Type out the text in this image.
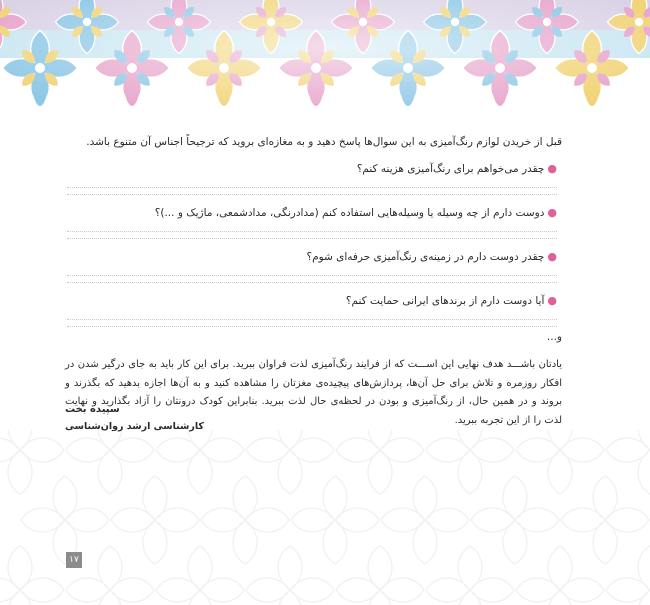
قبل از خریدن لوازم رنگ‌آمیزی به این سوال‌ها پاسخ دهید و به مغازه‌ای بروید که ترجیحاً اجناس آن متنوع باشد.
●چقدر می‌خواهم برای رنگ‌آمیزی هزینه کنم؟
●دوست دارم از چه وسیله یا وسیله‌هایی استفاده کنم (مدادرنگی، مدادشمعی، ماژیک و ...)؟
●چقدر دوست دارم در زمینه‌ی رنگ‌آمیزی حرفه‌ای شوم؟
●آیا دوست دارم از برندهای ایرانی حمایت کنم؟
و...
یادتان باشـــد هدف نهایی این اســـت که از فرایند رنگ‌آمیزی لذت فراوان ببرید. برای این کار باید به جای درگیر شدن در افکار روزمره و تلاش برای حل آن‌ها، پردازش‌های پیچیده‌ی مغزتان را مشاهده کنید و به آن‌ها اجازه بدهید که بگذرند و بروند و در همین حال، از رنگ‌آمیزی و بودن در لحظه‌ی حال لذت ببرید. بنابراین کودک درونتان را آزاد بگذارید و نهایت لذت را از این تجربه ببرید.
سپیده بخت
کارشناسی ارشد روان‌شناسی
۱۷
